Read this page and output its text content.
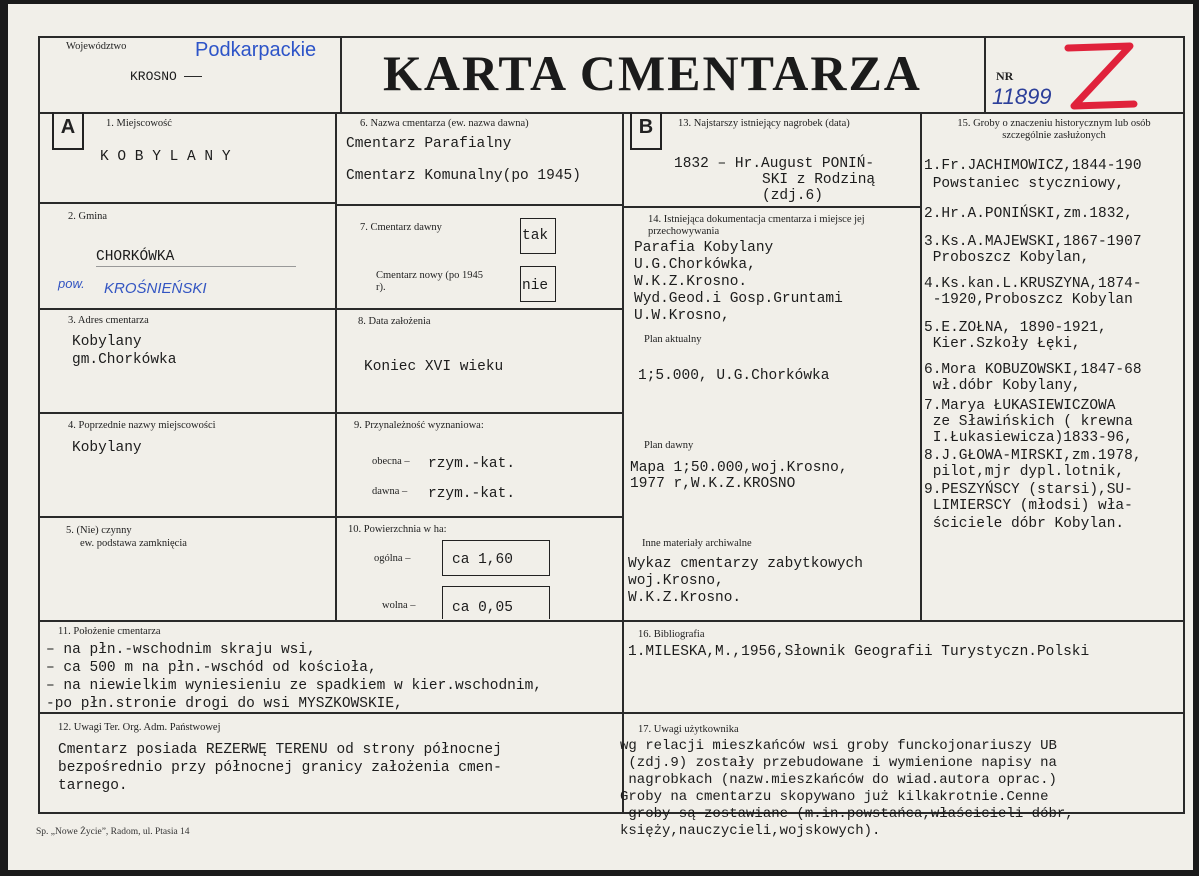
Województwo
KROSNO
Podkarpackie KARTA CMENTARZA	NR
11899
A	1. Miejscowość
K O B Y L A N Y
2. Gmina
CHORKÓWKA
pow. KROŚNIEŃSKI
3. Adres cmentarza
Kobylany
gm.Chorkówka
4. Poprzednie nazwy miejscowości
Kobylany
5. (Nie) czynny
ew. podstawa zamknięcia
6. Nazwa cmentarza (ew. nazwa dawna)
Cmentarz Parafialny
Cmentarz Komunalny(po 1945)
7. Cmentarz dawny
tak
Cmentarz nowy (po 1945 r).	nie
8. Data założenia
Koniec XVI wieku
9. Przynależność wyznaniowa:
obecna – rzym.-kat.
dawna – rzym.-kat.
10. Powierzchnia w ha:
ogólna –	ca 1,60
wolna –	ca 0,05
B	13. Najstarszy istniejący nagrobek (data)
1832 – Hr.August PONIŃ-
SKI z Rodziną
(zdj.6)
14. Istniejąca dokumentacja cmentarza i miejsce jej przechowywania
Parafia Kobylany
U.G.Chorkówka,
W.K.Z.Krosno.
Wyd.Geod.i Gosp.Gruntami
U.W.Krosno,
Plan aktualny
1;5.000, U.G.Chorkówka
Plan dawny
Mapa 1;50.000,woj.Krosno,
1977 r,W.K.Z.KROSNO
Inne materiały archiwalne
Wykaz cmentarzy zabytkowych
woj.Krosno,
W.K.Z.Krosno.
15. Groby o znaczeniu historycznym lub osób szczególnie zasłużonych
1.Fr.JACHIMOWICZ,1844-190
Powstaniec styczniowy,
2.Hr.A.PONIŃSKI,zm.1832,
3.Ks.A.MAJEWSKI,1867-1907
Proboszcz Kobylan,
4.Ks.kan.L.KRUSZYNA,1874-
-1920,Proboszcz Kobylan
5.E.ZOŁNA, 1890-1921,
Kier.Szkoły Łęki,
6.Mora KOBUZOWSKI,1847-68
wł.dóbr Kobylany,
7.Marya ŁUKASIEWICZOWA
ze Sławińskich ( krewna
I.Łukasiewicza)1833-96,
8.J.GŁOWA-MIRSKI,zm.1978,
pilot,mjr dypl.lotnik,
9.PESZYŃSCY (starsi),SU-
LIMIERSCY (młodsi) wła-
ściciele dóbr Kobylan.
11. Położenie cmentarza
– na płn.-wschodnim skraju wsi,
– ca 500 m na płn.-wschód od kościoła,
– na niewielkim wyniesieniu ze spadkiem w kier.wschodnim,
-po płn.stronie drogi do wsi MYSZKOWSKIE,
16. Bibliografia
1.MILESKA,M.,1956,Słownik Geografii Turystyczn.Polski
12. Uwagi Ter. Org. Adm. Państwowej
Cmentarz posiada REZERWĘ TERENU od strony północnej
bezpośrednio przy północnej granicy założenia cmen-
tarnego.
17. Uwagi użytkownika
wg relacji mieszkańców wsi groby funckojonariuszy UB
(zdj.9) zostały przebudowane i wymienione napisy na
nagrobkach (nazw.mieszkańców do wiad.autora oprac.)
Groby na cmentarzu skopywano już kilkakrotnie.Cenne
groby są zostawiane (m.in.powstańca,właścicieli dóbr,
księży,nauczycieli,wojskowych).
Sp. „Nowe Życie”, Radom, ul. Ptasia 14
